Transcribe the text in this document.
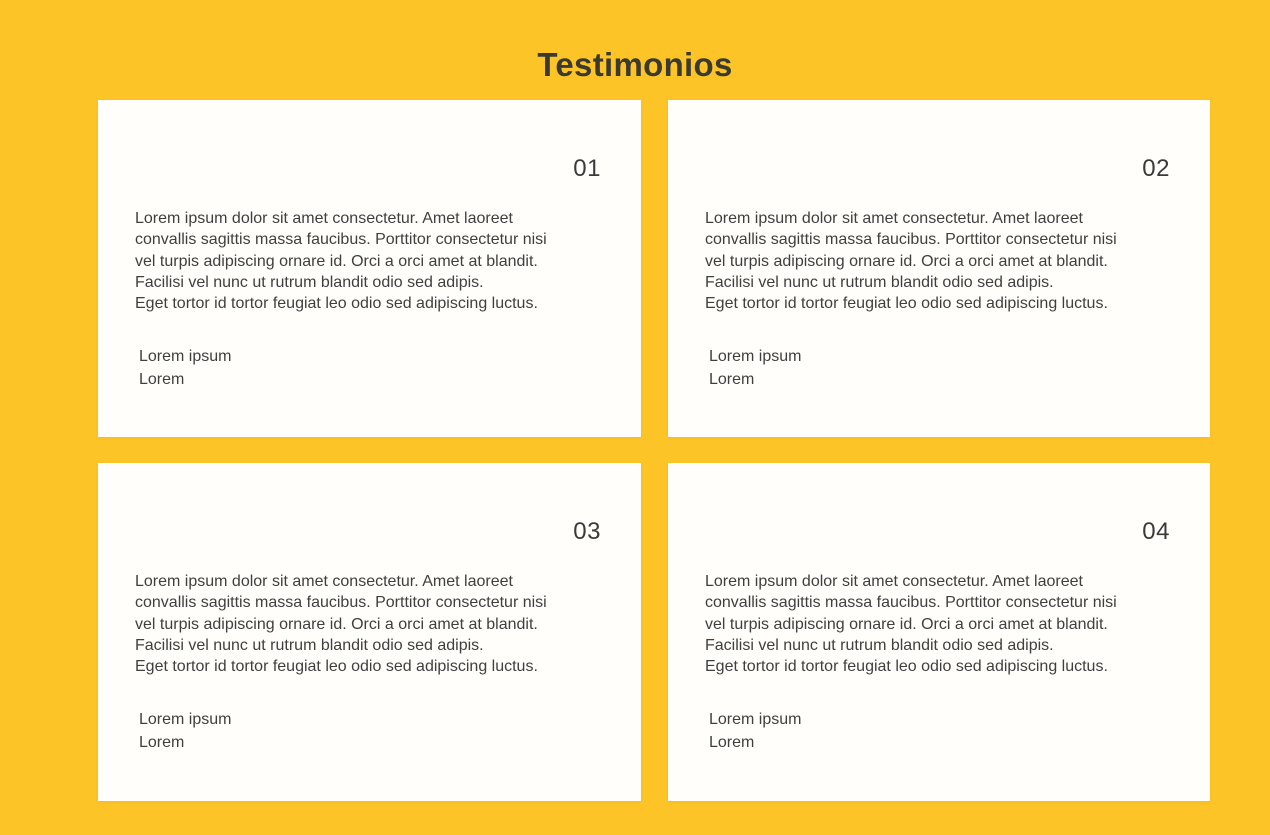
Testimonios
01
Lorem ipsum dolor sit amet consectetur. Amet laoreet
convallis sagittis massa faucibus. Porttitor consectetur nisi
vel turpis adipiscing ornare id. Orci a orci amet at blandit.
Facilisi vel nunc ut rutrum blandit odio sed adipis.
Eget tortor id tortor feugiat leo odio sed adipiscing luctus.
Lorem ipsum
Lorem
02
Lorem ipsum dolor sit amet consectetur. Amet laoreet
convallis sagittis massa faucibus. Porttitor consectetur nisi
vel turpis adipiscing ornare id. Orci a orci amet at blandit.
Facilisi vel nunc ut rutrum blandit odio sed adipis.
Eget tortor id tortor feugiat leo odio sed adipiscing luctus.
Lorem ipsum
Lorem
03
Lorem ipsum dolor sit amet consectetur. Amet laoreet
convallis sagittis massa faucibus. Porttitor consectetur nisi
vel turpis adipiscing ornare id. Orci a orci amet at blandit.
Facilisi vel nunc ut rutrum blandit odio sed adipis.
Eget tortor id tortor feugiat leo odio sed adipiscing luctus.
Lorem ipsum
Lorem
04
Lorem ipsum dolor sit amet consectetur. Amet laoreet
convallis sagittis massa faucibus. Porttitor consectetur nisi
vel turpis adipiscing ornare id. Orci a orci amet at blandit.
Facilisi vel nunc ut rutrum blandit odio sed adipis.
Eget tortor id tortor feugiat leo odio sed adipiscing luctus.
Lorem ipsum
Lorem
